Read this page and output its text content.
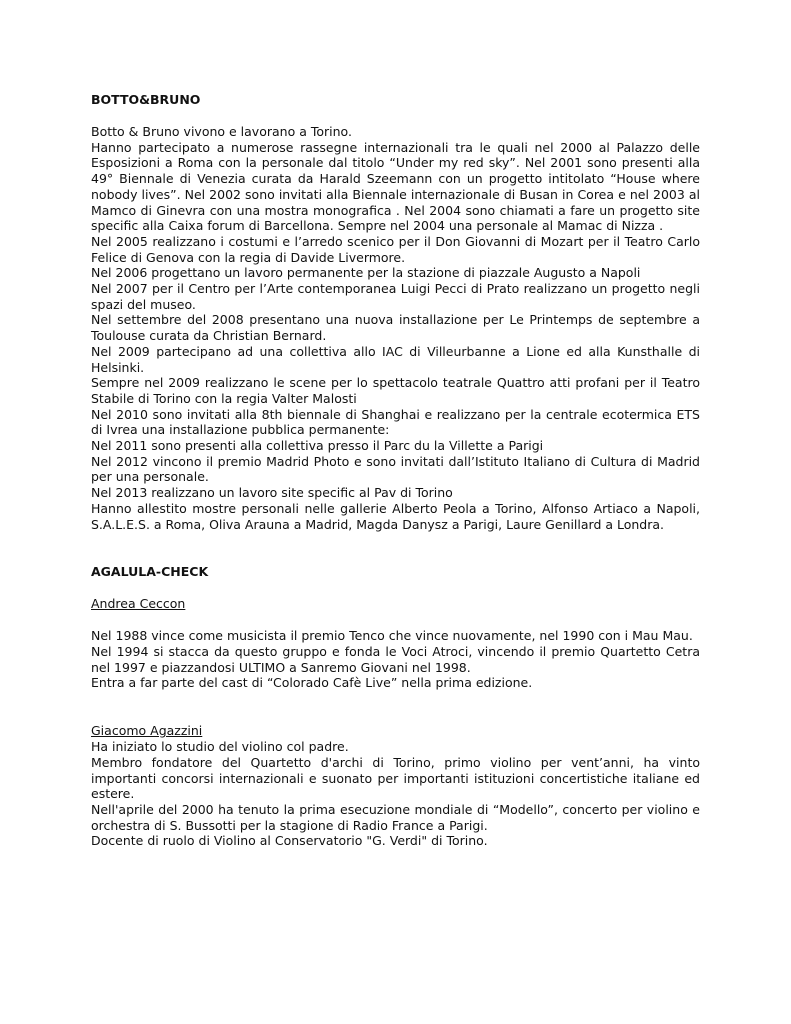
BOTTO&BRUNO

Botto & Bruno vivono e lavorano a Torino.

Hanno partecipato a numerose rassegne internazionali tra le quali nel 2000 al Palazzo delle Esposizioni a Roma con la personale dal titolo “Under my red sky”. Nel 2001 sono presenti alla 49° Biennale di Venezia curata da Harald Szeemann con un progetto intitolato “House where nobody lives”. Nel 2002 sono invitati alla Biennale internazionale di Busan in Corea e nel 2003 al Mamco di Ginevra con una mostra monografica . Nel 2004 sono chiamati a fare un progetto site specific alla Caixa forum di Barcellona. Sempre nel 2004 una personale al Mamac di Nizza .

Nel 2005 realizzano i costumi e l’arredo scenico per il Don Giovanni di Mozart per il Teatro Carlo Felice di Genova con la regia di Davide Livermore.

Nel 2006 progettano un lavoro permanente per la stazione di piazzale Augusto a Napoli

Nel 2007 per il Centro per l’Arte contemporanea Luigi Pecci di Prato realizzano un progetto negli spazi del museo.

Nel settembre del 2008 presentano una nuova installazione per Le Printemps de septembre a Toulouse curata da Christian Bernard.

Nel 2009 partecipano ad una collettiva allo IAC di Villeurbanne a Lione ed alla Kunsthalle di Helsinki.

Sempre nel 2009 realizzano le scene per lo spettacolo teatrale Quattro atti profani per il Teatro Stabile di Torino con la regia Valter Malosti

Nel 2010 sono invitati alla 8th biennale di Shanghai e realizzano per la centrale ecotermica ETS di Ivrea una installazione pubblica permanente:

Nel 2011 sono presenti alla collettiva presso il Parc du la Villette a Parigi

Nel 2012 vincono il premio Madrid Photo e sono invitati dall’Istituto Italiano di Cultura di Madrid per una personale.

Nel 2013 realizzano un lavoro site specific al Pav di Torino

Hanno allestito mostre personali nelle gallerie Alberto Peola a Torino, Alfonso Artiaco a Napoli, S.A.L.E.S. a Roma, Oliva Arauna a Madrid, Magda Danysz a Parigi, Laure Genillard a Londra.

AGALULA-CHECK

Andrea Ceccon

Nel 1988 vince come musicista il premio Tenco che vince nuovamente, nel 1990 con i Mau Mau.

Nel 1994 si stacca da questo gruppo e fonda le Voci Atroci, vincendo il premio Quartetto Cetra nel 1997 e piazzandosi ULTIMO a Sanremo Giovani nel 1998.

Entra a far parte del cast di “Colorado Cafè Live” nella prima edizione.

Giacomo Agazzini

Ha iniziato lo studio del violino col padre.

Membro fondatore del Quartetto d'archi di Torino, primo violino per vent’anni, ha vinto importanti concorsi internazionali e suonato per importanti istituzioni concertistiche italiane ed estere.

Nell'aprile del 2000 ha tenuto la prima esecuzione mondiale di “Modello”, concerto per violino e orchestra di S. Bussotti per la stagione di Radio France a Parigi.

Docente di ruolo di Violino al Conservatorio "G. Verdi" di Torino.
